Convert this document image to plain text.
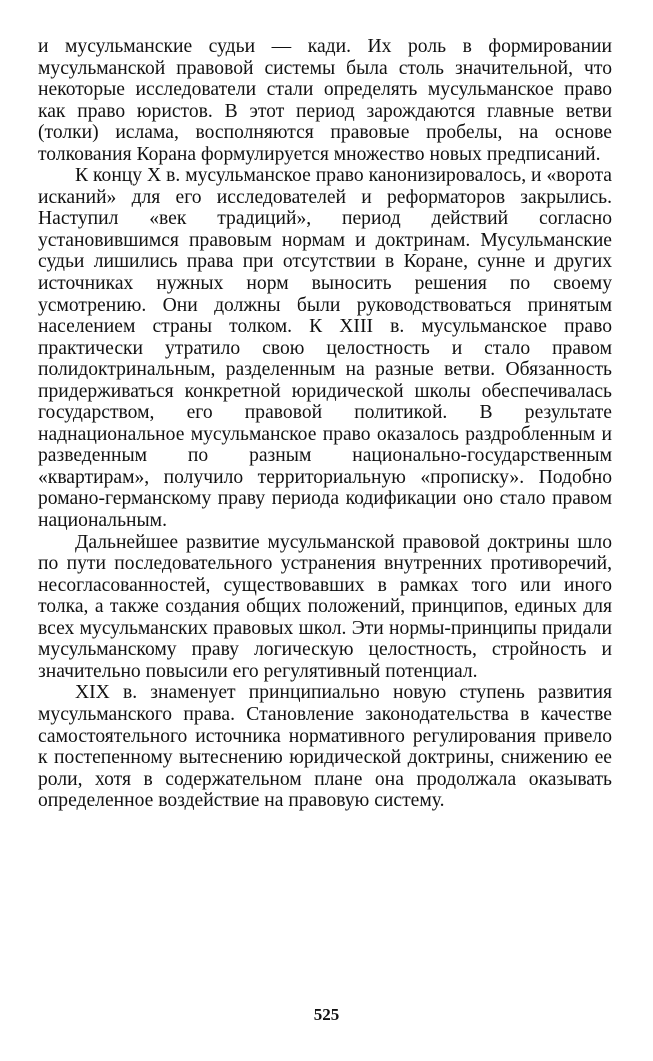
и мусульманские судьи — кади. Их роль в формировании мусульманской правовой системы была столь значительной, что некоторые исследователи стали определять мусульманское право как право юристов. В этот период зарождаются главные ветви (толки) ислама, восполняются правовые пробелы, на основе толкования Корана формулируется множество новых предписаний.

К концу X в. мусульманское право канонизировалось, и «ворота исканий» для его исследователей и реформаторов закрылись. Наступил «век традиций», период действий согласно установившимся правовым нормам и доктринам. Мусульманские судьи лишились права при отсутствии в Коране, сунне и других источниках нужных норм выносить решения по своему усмотрению. Они должны были руководствоваться принятым населением страны толком. К XIII в. мусульманское право практически утратило свою целостность и стало правом полидоктринальным, разделенным на разные ветви. Обязанность придерживаться конкретной юридической школы обеспечивалась государством, его правовой политикой. В результате наднациональное мусульманское право оказалось раздробленным и разведенным по разным национально-государственным «квартирам», получило территориальную «прописку». Подобно романо-германскому праву периода кодификации оно стало правом национальным.

Дальнейшее развитие мусульманской правовой доктрины шло по пути последовательного устранения внутренних противоречий, несогласованностей, существовавших в рамках того или иного толка, а также создания общих положений, принципов, единых для всех мусульманских правовых школ. Эти нормы-принципы придали мусульманскому праву логическую целостность, стройность и значительно повысили его регулятивный потенциал.

XIX в. знаменует принципиально новую ступень развития мусульманского права. Становление законодательства в качестве самостоятельного источника нормативного регулирования привело к постепенному вытеснению юридической доктрины, снижению ее роли, хотя в содержательном плане она продолжала оказывать определенное воздействие на правовую систему.

525
